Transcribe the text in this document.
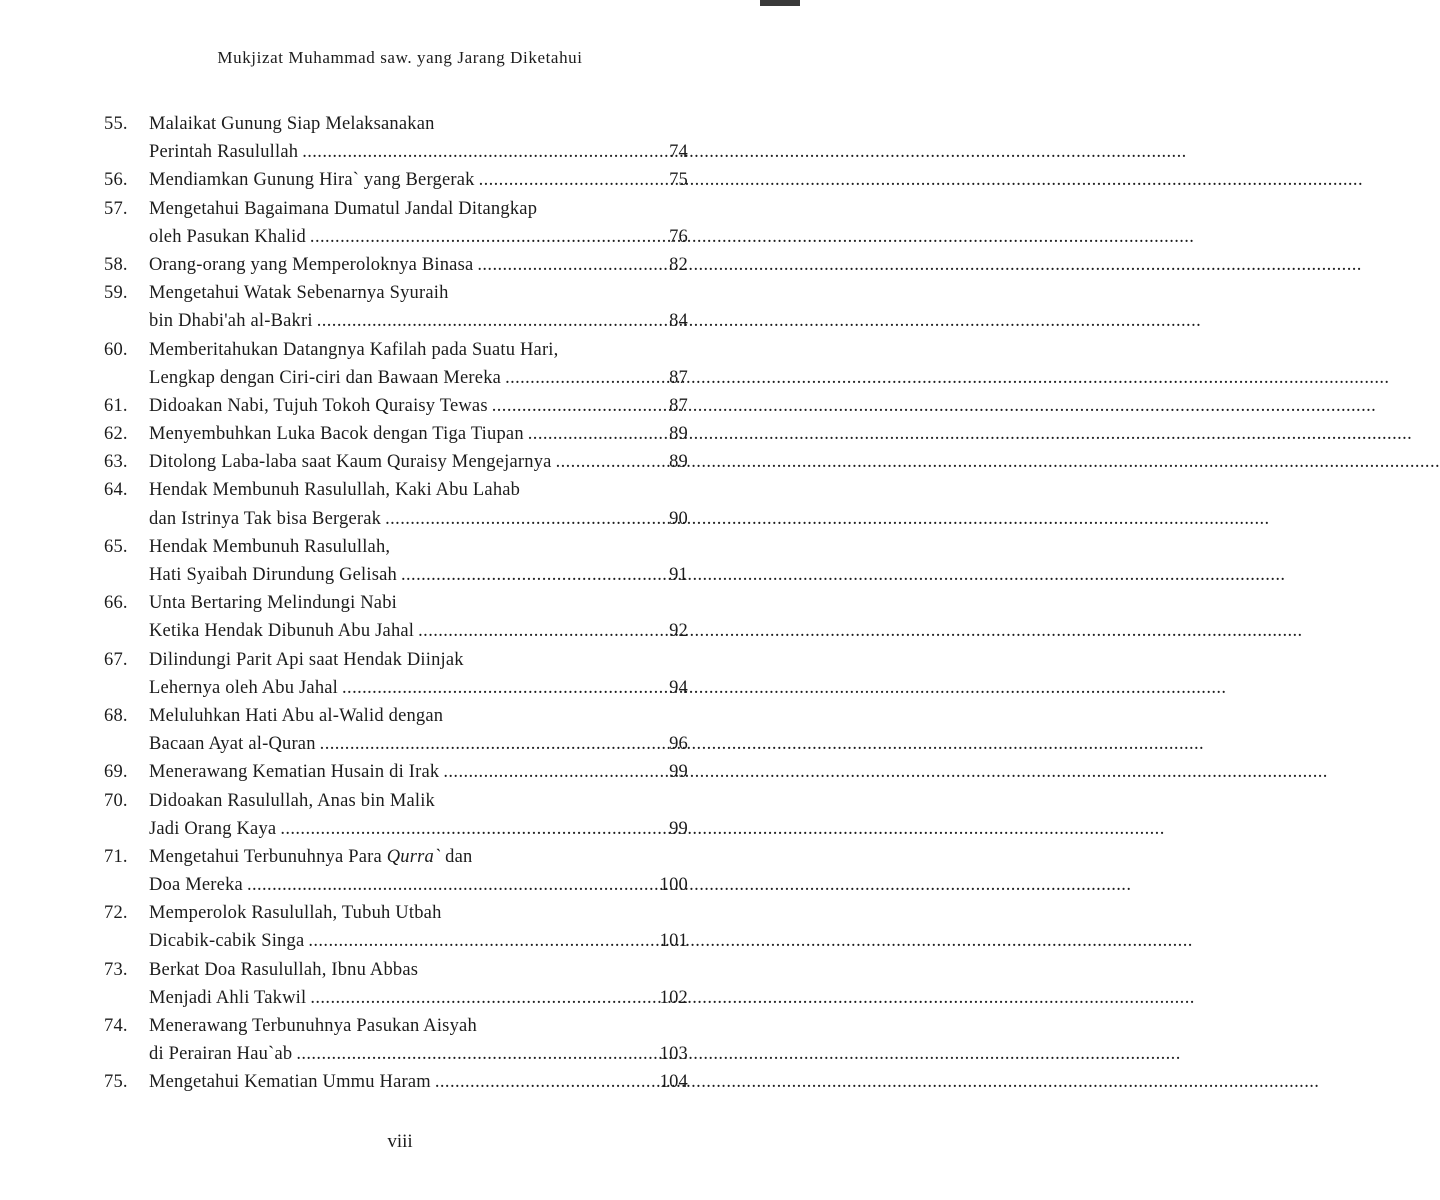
Mukjizat Muhammad saw. yang Jarang Diketahui
55. Malaikat Gunung Siap Melaksanakan
Perintah Rasulullah .....	74
56. Mendiamkan Gunung Hira` yang Bergerak .....	75
57. Mengetahui Bagaimana Dumatul Jandal Ditangkap
oleh Pasukan Khalid .....	76
58. Orang-orang yang Memperoloknya Binasa .....	82
59. Mengetahui Watak Sebenarnya Syuraih
bin Dhabi'ah al-Bakri .....	84
60. Memberitahukan Datangnya Kafilah pada Suatu Hari,
Lengkap dengan Ciri-ciri dan Bawaan Mereka .....	87
61. Didoakan Nabi, Tujuh Tokoh Quraisy Tewas .....	87
62. Menyembuhkan Luka Bacok dengan Tiga Tiupan .....	89
63. Ditolong Laba-laba saat Kaum Quraisy Mengejarnya .....	89
64. Hendak Membunuh Rasulullah, Kaki Abu Lahab
dan Istrinya Tak bisa Bergerak .....	90
65. Hendak Membunuh Rasulullah,
Hati Syaibah Dirundung Gelisah .....	91
66. Unta Bertaring Melindungi Nabi
Ketika Hendak Dibunuh Abu Jahal .....	92
67. Dilindungi Parit Api saat Hendak Diinjak
Lehernya oleh Abu Jahal .....	94
68. Meluluhkan Hati Abu al-Walid dengan
Bacaan Ayat al-Quran .....	96
69. Menerawang Kematian Husain di Irak .....	99
70. Didoakan Rasulullah, Anas bin Malik
Jadi Orang Kaya .....	99
71. Mengetahui Terbunuhnya Para Qurra` dan
Doa Mereka .....	100
72. Memperolok Rasulullah, Tubuh Utbah
Dicabik-cabik Singa .....	101
73. Berkat Doa Rasulullah, Ibnu Abbas
Menjadi Ahli Takwil .....	102
74. Menerawang Terbunuhnya Pasukan Aisyah
di Perairan Hau`ab .....	103
75. Mengetahui Kematian Ummu Haram .....	104
viii
